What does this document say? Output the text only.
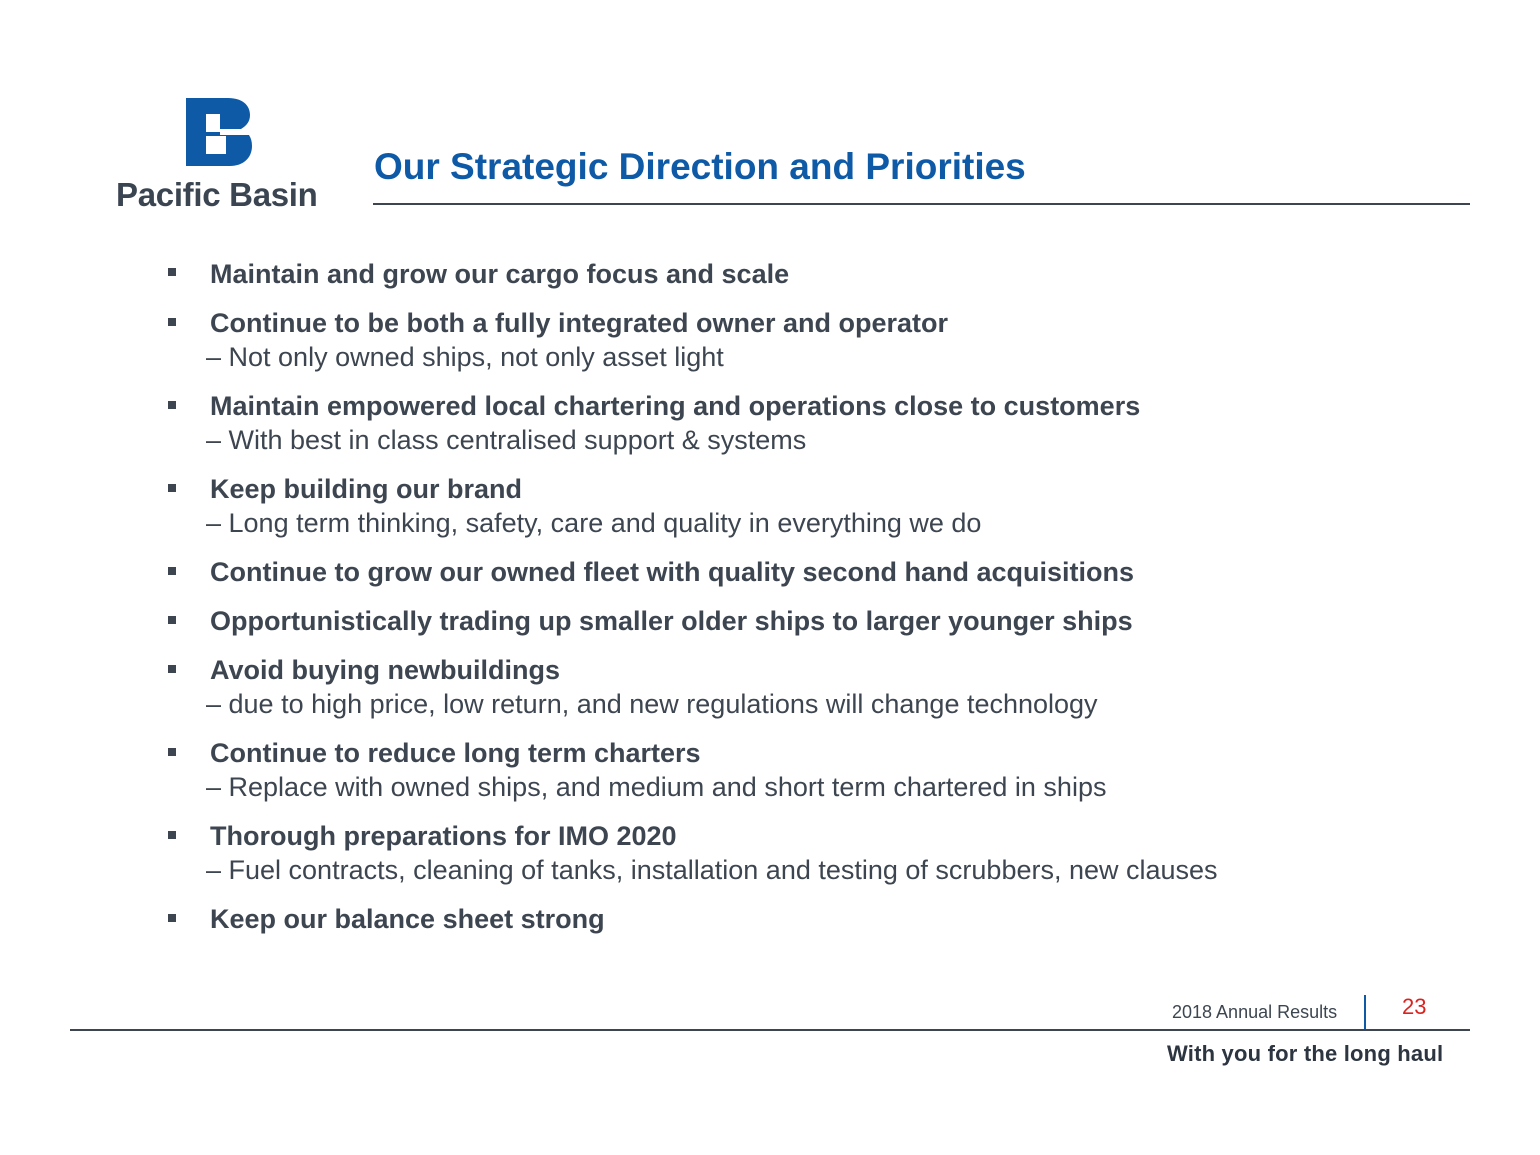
Pacific Basin
Our Strategic Direction and Priorities
Maintain and grow our cargo focus and scale
Continue to be both a fully integrated owner and operator
– Not only owned ships, not only asset light
Maintain empowered local chartering and operations close to customers
– With best in class centralised support & systems
Keep building our brand
– Long term thinking, safety, care and quality in everything we do
Continue to grow our owned fleet with quality second hand acquisitions
Opportunistically trading up smaller older ships to larger younger ships
Avoid buying newbuildings
– due to high price, low return, and new regulations will change technology
Continue to reduce long term charters
– Replace with owned ships, and medium and short term chartered in ships
Thorough preparations for IMO 2020
– Fuel contracts, cleaning of tanks, installation and testing of scrubbers, new clauses
Keep our balance sheet strong
2018 Annual Results	23
With you for the long haul
